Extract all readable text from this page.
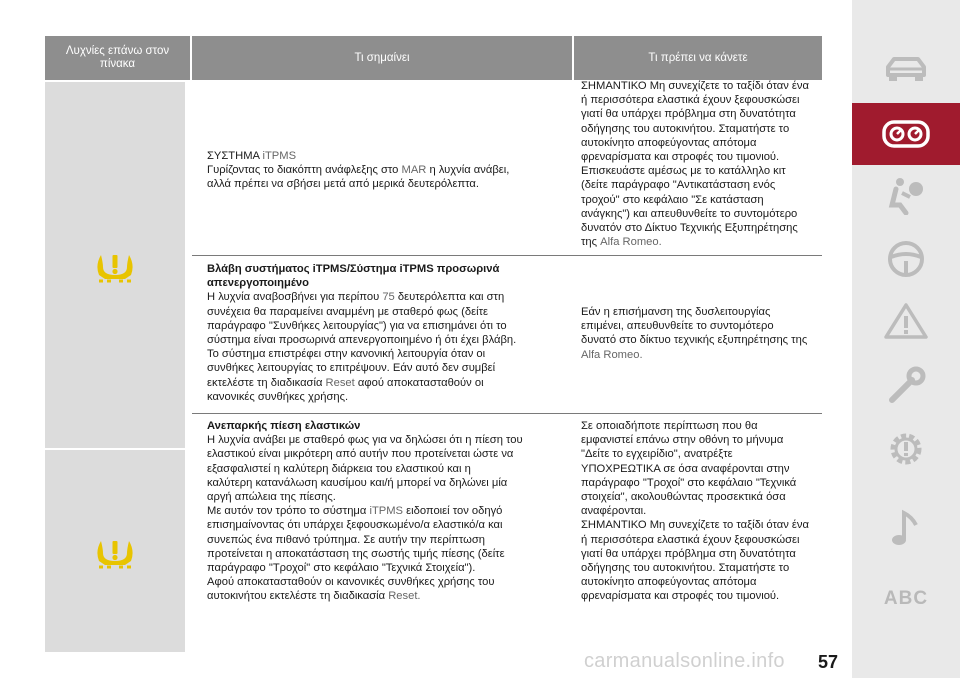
Λυχνίες επάνω στον πίνακα
Τι σημαίνει	Τι πρέπει να κάνετε
ΣΥΣΤΗΜΑ iTPMS
Γυρίζοντας το διακόπτη ανάφλεξης στο MAR η λυχνία ανάβει,
αλλά πρέπει να σβήσει μετά από μερικά δευτερόλεπτα.
ΣΗΜΑΝΤΙΚΟ Μη συνεχίζετε το ταξίδι όταν ένα
ή περισσότερα ελαστικά έχουν ξεφουσκώσει
γιατί θα υπάρχει πρόβλημα στη δυνατότητα
οδήγησης του αυτοκινήτου. Σταματήστε το
αυτοκίνητο αποφεύγοντας απότομα
φρεναρίσματα και στροφές του τιμονιού.
Επισκευάστε αμέσως με το κατάλληλο κιτ
(δείτε παράγραφο "Αντικατάσταση ενός
τροχού" στο κεφάλαιο "Σε κατάσταση
ανάγκης") και απευθυνθείτε το συντομότερο
δυνατόν στο Δίκτυο Τεχνικής Εξυπηρέτησης
της Alfa Romeo.
Βλάβη συστήματος iTPMS/Σύστημα iTPMS προσωρινά
απενεργοποιημένο
Η λυχνία αναβοσβήνει για περίπου 75 δευτερόλεπτα και στη
συνέχεια θα παραμείνει αναμμένη με σταθερό φως (δείτε
παράγραφο "Συνθήκες λειτουργίας") για να επισημάνει ότι το
σύστημα είναι προσωρινά απενεργοποιημένο ή ότι έχει βλάβη.
Το σύστημα επιστρέφει στην κανονική λειτουργία όταν οι
συνθήκες λειτουργίας το επιτρέψουν. Εάν αυτό δεν συμβεί
εκτελέστε τη διαδικασία Reset αφού αποκατασταθούν οι
κανονικές συνθήκες χρήσης.
Εάν η επισήμανση της δυσλειτουργίας
επιμένει, απευθυνθείτε το συντομότερο
δυνατό στο δίκτυο τεχνικής εξυπηρέτησης της
Alfa Romeo.
Ανεπαρκής πίεση ελαστικών
Η λυχνία ανάβει με σταθερό φως για να δηλώσει ότι η πίεση του
ελαστικού είναι μικρότερη από αυτήν που προτείνεται ώστε να
εξασφαλιστεί η καλύτερη διάρκεια του ελαστικού και η
καλύτερη κατανάλωση καυσίμου και/ή μπορεί να δηλώνει μία
αργή απώλεια της πίεσης.
Με αυτόν τον τρόπο το σύστημα iTPMS ειδοποιεί τον οδηγό
επισημαίνοντας ότι υπάρχει ξεφουσκωμένο/α ελαστικό/α και
συνεπώς ένα πιθανό τρύπημα. Σε αυτήν την περίπτωση
προτείνεται η αποκατάσταση της σωστής τιμής πίεσης (δείτε
παράγραφο "Τροχοί" στο κεφάλαιο "Τεχνικά Στοιχεία").
Αφού αποκατασταθούν οι κανονικές συνθήκες χρήσης του
αυτοκινήτου εκτελέστε τη διαδικασία Reset.
Σε οποιαδήποτε περίπτωση που θα
εμφανιστεί επάνω στην οθόνη το μήνυμα
"Δείτε το εγχειρίδιο", ανατρέξτε
ΥΠΟΧΡΕΩΤΙΚΑ σε όσα αναφέρονται στην
παράγραφο "Τροχοί" στο κεφάλαιο "Τεχνικά
στοιχεία", ακολουθώντας προσεκτικά όσα
αναφέρονται.
ΣΗΜΑΝΤΙΚΟ Μη συνεχίζετε το ταξίδι όταν ένα
ή περισσότερα ελαστικά έχουν ξεφουσκώσει
γιατί θα υπάρχει πρόβλημα στη δυνατότητα
οδήγησης του αυτοκινήτου. Σταματήστε το
αυτοκίνητο αποφεύγοντας απότομα
φρεναρίσματα και στροφές του τιμονιού.	ABC
carmanualsonline.info 57
